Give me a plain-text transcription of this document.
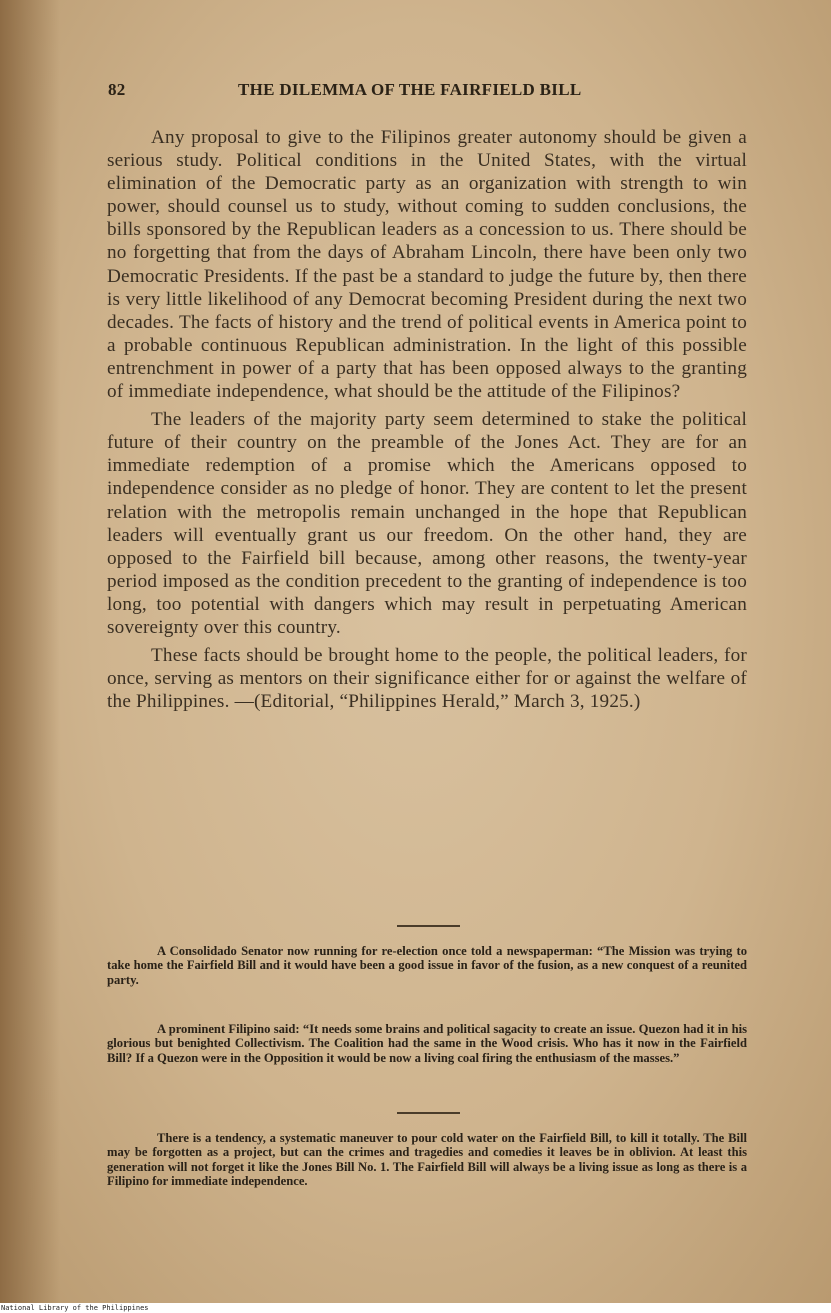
82	THE DILEMMA OF THE FAIRFIELD BILL

Any proposal to give to the Filipinos greater autonomy should be given a serious study. Political conditions in the United States, with the virtual elimination of the Democratic party as an organization with strength to win power, should counsel us to study, without coming to sudden conclusions, the bills sponsored by the Republican leaders as a concession to us. There should be no forgetting that from the days of Abraham Lincoln, there have been only two Democratic Presidents. If the past be a standard to judge the future by, then there is very little likelihood of any Democrat becoming President during the next two decades. The facts of history and the trend of political events in America point to a probable continuous Republican administration. In the light of this possible entrenchment in power of a party that has been opposed always to the granting of immediate independence, what should be the attitude of the Filipinos?

The leaders of the majority party seem determined to stake the political future of their country on the preamble of the Jones Act. They are for an immediate redemption of a promise which the Americans opposed to independence consider as no pledge of honor. They are content to let the present relation with the metropolis remain unchanged in the hope that Republican leaders will eventually grant us our freedom. On the other hand, they are opposed to the Fairfield bill because, among other reasons, the twenty-year period imposed as the condition precedent to the granting of independence is too long, too potential with dangers which may result in perpetuating American sovereignty over this country.

These facts should be brought home to the people, the political leaders, for once, serving as mentors on their significance either for or against the welfare of the Philippines. —(Editorial, “Philippines Herald,” March 3, 1925.)

A Consolidado Senator now running for re-election once told a newspaperman: “The Mission was trying to take home the Fairfield Bill and it would have been a good issue in favor of the fusion, as a new conquest of a reunited party.

A prominent Filipino said: “It needs some brains and political sagacity to create an issue. Quezon had it in his glorious but benighted Collectivism. The Coalition had the same in the Wood crisis. Who has it now in the Fairfield Bill? If a Quezon were in the Opposition it would be now a living coal firing the enthusiasm of the masses.”

There is a tendency, a systematic maneuver to pour cold water on the Fairfield Bill, to kill it totally. The Bill may be forgotten as a project, but can the crimes and tragedies and comedies it leaves be in oblivion. At least this generation will not forget it like the Jones Bill No. 1. The Fairfield Bill will always be a living issue as long as there is a Filipino for immediate independence.

National Library of the Philippines
